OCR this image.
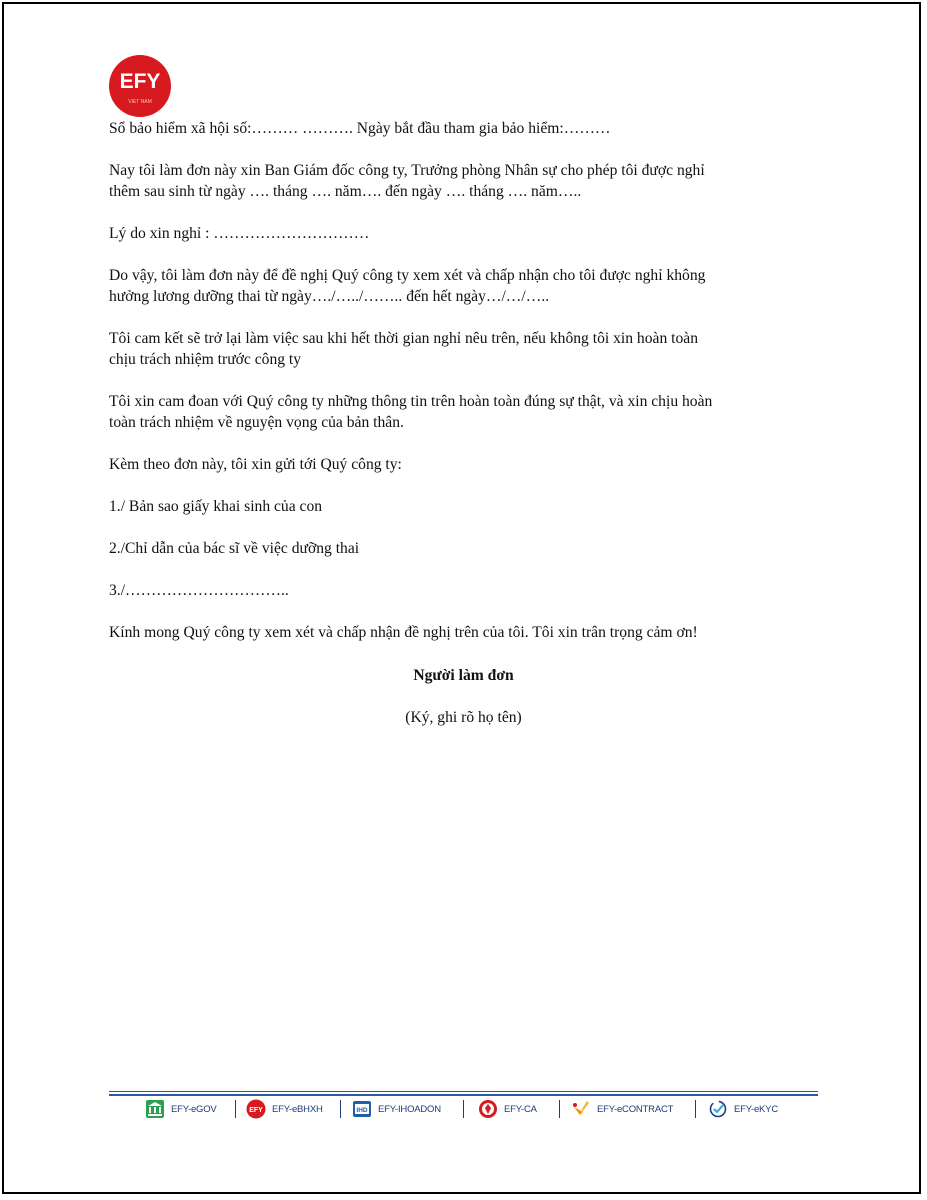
EFY
VIET NAM
Sổ bảo hiểm xã hội số:……… ………. Ngày bắt đầu tham gia bảo hiểm:………
Nay tôi làm đơn này xin Ban Giám đốc công ty, Trưởng phòng Nhân sự cho phép tôi được nghỉ
thêm sau sinh từ ngày …. tháng …. năm…. đến ngày …. tháng …. năm…..
Lý do xin nghỉ : …………………………
Do vậy, tôi làm đơn này để đề nghị Quý công ty xem xét và chấp nhận cho tôi được nghỉ không
hưởng lương dưỡng thai từ ngày…./…../…….. đến hết ngày…/…/…..
Tôi cam kết sẽ trở lại làm việc sau khi hết thời gian nghỉ nêu trên, nếu không tôi xin hoàn toàn
chịu trách nhiệm trước công ty
Tôi xin cam đoan với Quý công ty những thông tin trên hoàn toàn đúng sự thật, và xin chịu hoàn
toàn trách nhiệm về nguyện vọng của bản thân.
Kèm theo đơn này, tôi xin gửi tới Quý công ty:
1./ Bản sao giấy khai sinh của con
2./Chỉ dẫn của bác sĩ về việc dưỡng thai
3./…………………………..
Kính mong Quý công ty xem xét và chấp nhận đề nghị trên của tôi. Tôi xin trân trọng cảm ơn!
Người làm đơn
(Ký, ghi rõ họ tên)
EFY-eGOV	EFY EFY-eBHXH	IHD EFY-IHOADON	EFY-CA	EFY-eCONTRACT	EFY-eKYC
